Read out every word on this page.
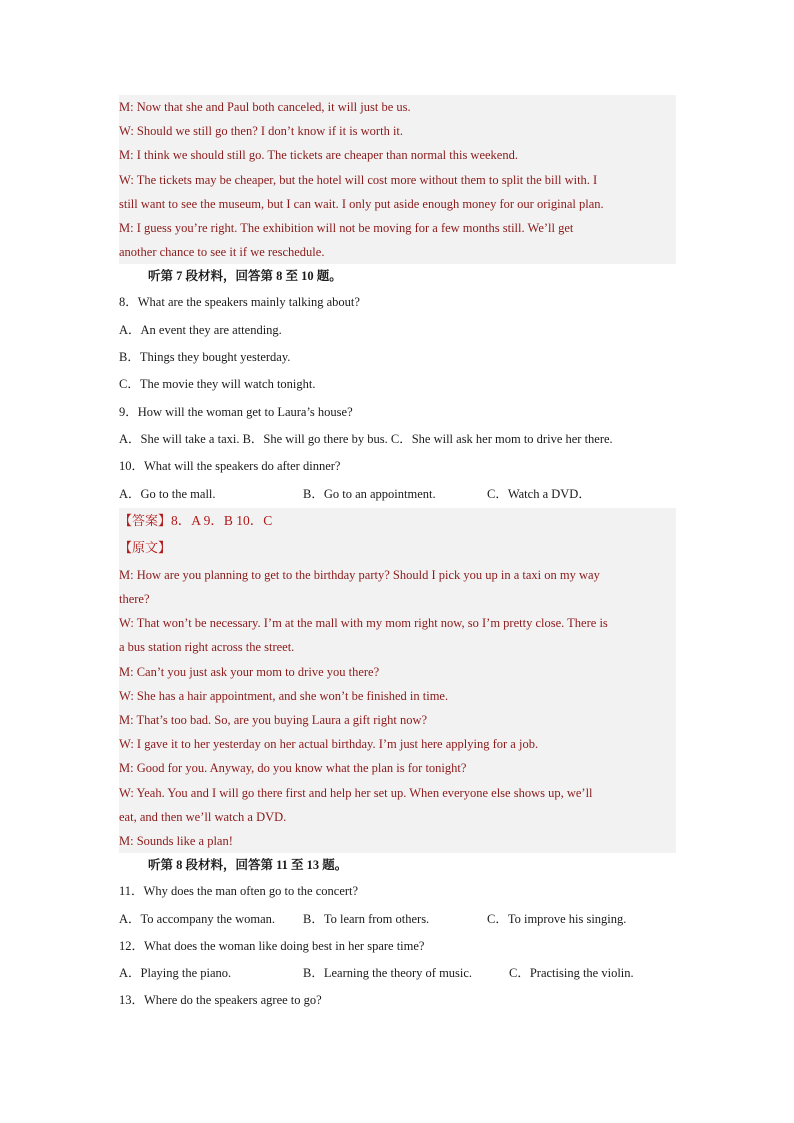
M: Now that she and Paul both canceled, it will just be us.
W: Should we still go then? I don’t know if it is worth it.
M: I think we should still go. The tickets are cheaper than normal this weekend.
W: The tickets may be cheaper, but the hotel will cost more without them to split the bill with. I
still want to see the museum, but I can wait. I only put aside enough money for our original plan.
M: I guess you’re right. The exhibition will not be moving for a few months still. We’ll get
another chance to see it if we reschedule.
听第 7 段材料，回答第 8 至 10 题。
8．What are the speakers mainly talking about?
A．An event they are attending.
B．Things they bought yesterday.
C．The movie they will watch tonight.
9．How will the woman get to Laura’s house?
A．She will take a taxi. B．She will go there by bus. C．She will ask her mom to drive her there.
10．What will the speakers do after dinner?
A．Go to the mall.	B．Go to an appointment.	C．Watch a DVD．
【答案】8．A 9．B 10．C
【原文】
M: How are you planning to get to the birthday party? Should I pick you up in a taxi on my way
there?
W: That won’t be necessary. I’m at the mall with my mom right now, so I’m pretty close. There is
a bus station right across the street.
M: Can’t you just ask your mom to drive you there?
W: She has a hair appointment, and she won’t be finished in time.
M: That’s too bad. So, are you buying Laura a gift right now?
W: I gave it to her yesterday on her actual birthday. I’m just here applying for a job.
M: Good for you. Anyway, do you know what the plan is for tonight?
W: Yeah. You and I will go there first and help her set up. When everyone else shows up, we’ll
eat, and then we’ll watch a DVD.
M: Sounds like a plan!
听第 8 段材料，回答第 11 至 13 题。
11．Why does the man often go to the concert?
A．To accompany the woman.	B．To learn from others.	C．To improve his singing.
12．What does the woman like doing best in her spare time?
A．Playing the piano.	B．Learning the theory of music.	C．Practising the violin.
13．Where do the speakers agree to go?
